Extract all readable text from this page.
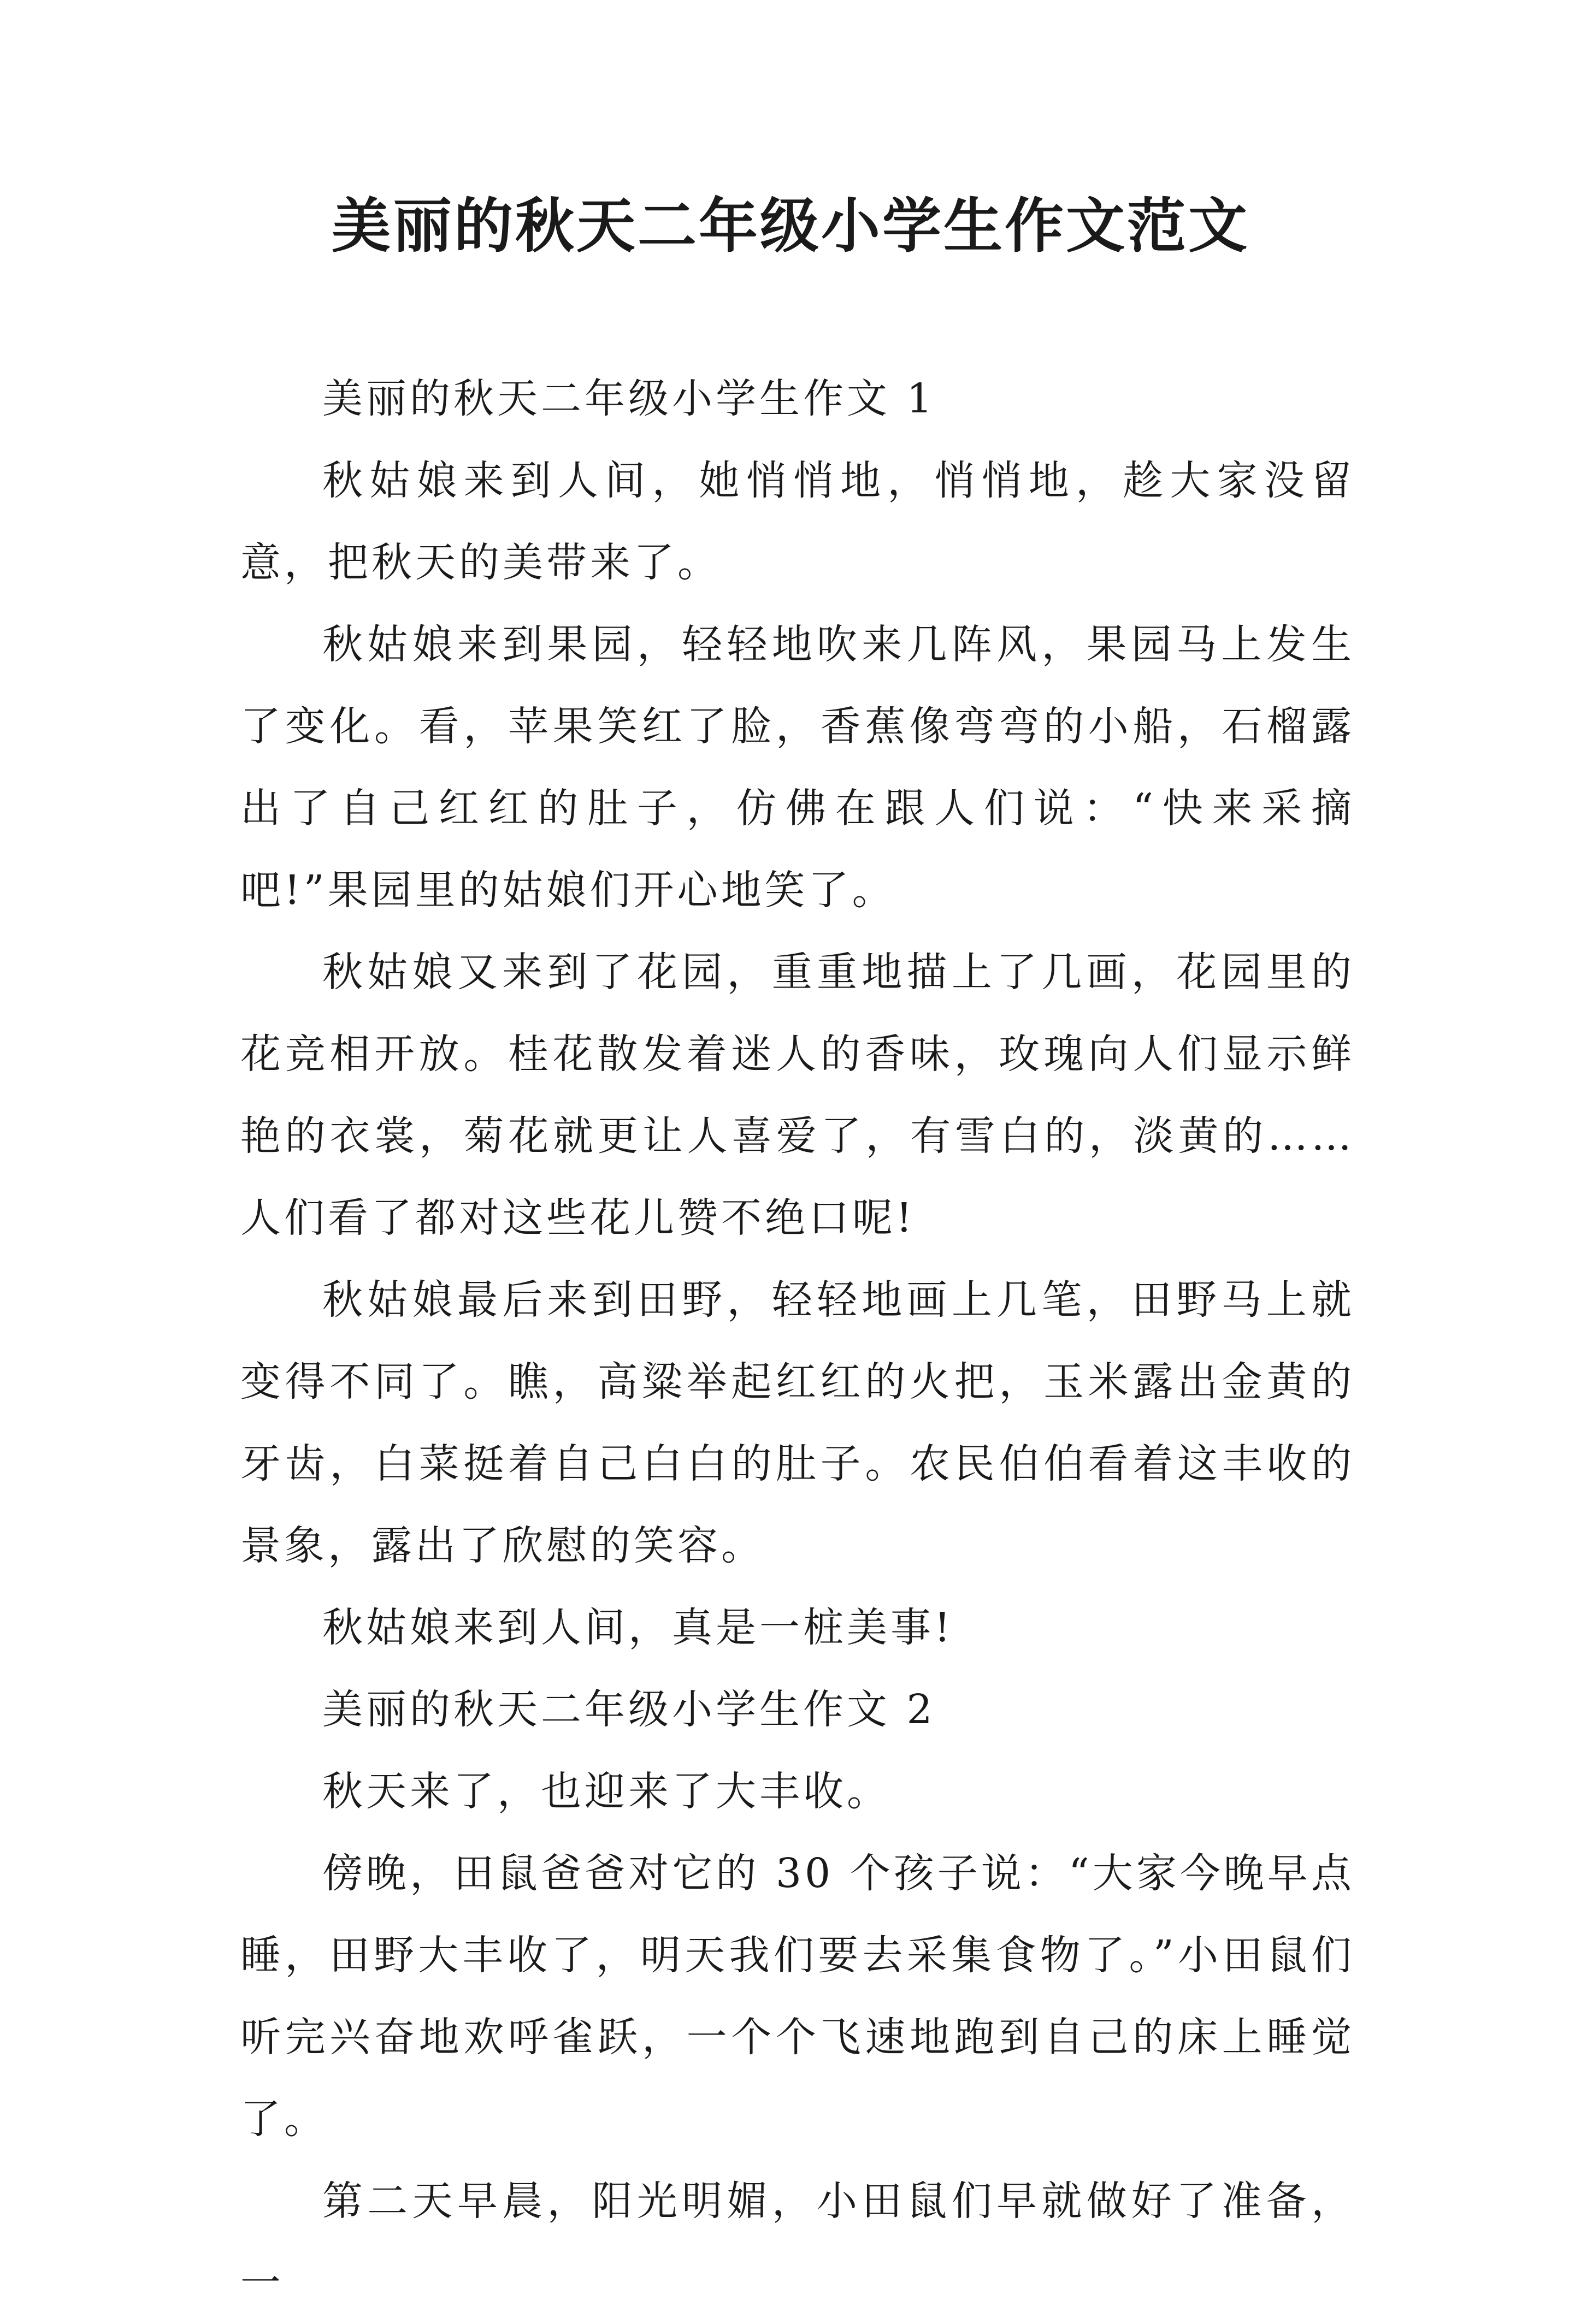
美丽的秋天二年级小学生作文范文

美丽的秋天二年级小学生作文 1

秋姑娘来到人间，她悄悄地，悄悄地，趁大家没留意，把秋天的美带来了。

秋姑娘来到果园，轻轻地吹来几阵风，果园马上发生了变化。看，苹果笑红了脸，香蕉像弯弯的小船，石榴露出了自己红红的肚子，仿佛在跟人们说：“快来采摘吧!”果园里的姑娘们开心地笑了。

秋姑娘又来到了花园，重重地描上了几画，花园里的花竞相开放。桂花散发着迷人的香味，玫瑰向人们显示鲜艳的衣裳，菊花就更让人喜爱了，有雪白的，淡黄的……人们看了都对这些花儿赞不绝口呢!

秋姑娘最后来到田野，轻轻地画上几笔，田野马上就变得不同了。瞧，高粱举起红红的火把，玉米露出金黄的牙齿，白菜挺着自己白白的肚子。农民伯伯看着这丰收的景象，露出了欣慰的笑容。

秋姑娘来到人间，真是一桩美事!

美丽的秋天二年级小学生作文 2

秋天来了，也迎来了大丰收。

傍晚，田鼠爸爸对它的 30 个孩子说：“大家今晚早点睡，田野大丰收了，明天我们要去采集食物了。”小田鼠们听完兴奋地欢呼雀跃，一个个飞速地跑到自己的床上睡觉了。

第二天早晨，阳光明媚，小田鼠们早就做好了准备，一
